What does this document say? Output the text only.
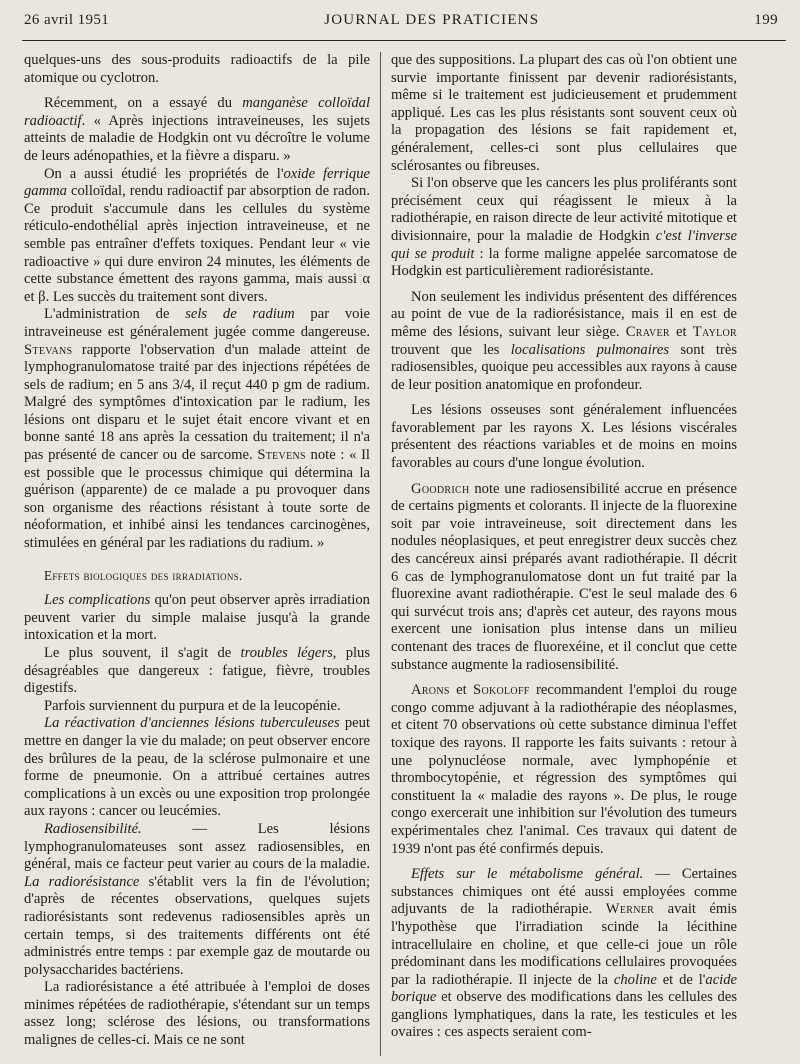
26 avril 1951	JOURNAL DES PRATICIENS	199

quelques-uns des sous-produits radioactifs de la pile atomique ou cyclotron.

Récemment, on a essayé du manganèse colloïdal radioactif. « Après injections intraveineuses, les sujets atteints de maladie de Hodgkin ont vu décroître le volume de leurs adénopathies, et la fièvre a disparu. »

On a aussi étudié les propriétés de l'oxide ferrique gamma colloïdal, rendu radioactif par absorption de radon. Ce produit s'accumule dans les cellules du système réticulo-endothélial après injection intraveineuse, et ne semble pas entraîner d'effets toxiques. Pendant leur « vie radioactive » qui dure environ 24 minutes, les éléments de cette substance émettent des rayons gamma, mais aussi α et β. Les succès du traitement sont divers.

L'administration de sels de radium par voie intraveineuse est généralement jugée comme dangereuse. Stevans rapporte l'observation d'un malade atteint de lymphogranulomatose traité par des injections répétées de sels de radium; en 5 ans 3/4, il reçut 440 p gm de radium. Malgré des symptômes d'intoxication par le radium, les lésions ont disparu et le sujet était encore vivant et en bonne santé 18 ans après la cessation du traitement; il n'a pas présenté de cancer ou de sarcome. Stevens note : « Il est possible que le processus chimique qui détermina la guérison (apparente) de ce malade a pu provoquer dans son organisme des réactions résistant à toute sorte de néoformation, et inhibé ainsi les tendances carcinogènes, stimulées en général par les radiations du radium. »

Effets biologiques des irradiations.

Les complications qu'on peut observer après irradiation peuvent varier du simple malaise jusqu'à la grande intoxication et la mort.

Le plus souvent, il s'agit de troubles légers, plus désagréables que dangereux : fatigue, fièvre, troubles digestifs.

Parfois surviennent du purpura et de la leucopénie.

La réactivation d'anciennes lésions tuberculeuses peut mettre en danger la vie du malade; on peut observer encore des brûlures de la peau, de la sclérose pulmonaire et une forme de pneumonie. On a attribué certaines autres complications à un excès ou une exposition trop prolongée aux rayons : cancer ou leucémies.

Radiosensibilité. — Les lésions lymphogranulomateuses sont assez radiosensibles, en général, mais ce facteur peut varier au cours de la maladie. La radiorésistance s'établit vers la fin de l'évolution; d'après de récentes observations, quelques sujets radiorésistants sont redevenus radiosensibles après un certain temps, si des traitements différents ont été administrés entre temps : par exemple gaz de moutarde ou polysaccharides bactériens.

La radiorésistance a été attribuée à l'emploi de doses minimes répétées de radiothérapie, s'étendant sur un temps assez long; sclérose des lésions, ou transformations malignes de celles-ci. Mais ce ne sont

que des suppositions. La plupart des cas où l'on obtient une survie importante finissent par devenir radiorésistants, même si le traitement est judicieusement et prudemment appliqué. Les cas les plus résistants sont souvent ceux où la propagation des lésions se fait rapidement et, généralement, celles-ci sont plus cellulaires que sclérosantes ou fibreuses.

Si l'on observe que les cancers les plus proliférants sont précisément ceux qui réagissent le mieux à la radiothérapie, en raison directe de leur activité mitotique et divisionnaire, pour la maladie de Hodgkin c'est l'inverse qui se produit : la forme maligne appelée sarcomatose de Hodgkin est particulièrement radiorésistante.

Non seulement les individus présentent des différences au point de vue de la radiorésistance, mais il en est de même des lésions, suivant leur siège. Craver et Taylor trouvent que les localisations pulmonaires sont très radiosensibles, quoique peu accessibles aux rayons à cause de leur position anatomique en profondeur.

Les lésions osseuses sont généralement influencées favorablement par les rayons X. Les lésions viscérales présentent des réactions variables et de moins en moins favorables au cours d'une longue évolution.

Goodrich note une radiosensibilité accrue en présence de certains pigments et colorants. Il injecte de la fluorexine soit par voie intraveineuse, soit directement dans les nodules néoplasiques, et peut enregistrer deux succès chez des cancéreux ainsi préparés avant radiothérapie. Il décrit 6 cas de lymphogranulomatose dont un fut traité par la fluorexine avant radiothérapie. C'est le seul malade des 6 qui survécut trois ans; d'après cet auteur, des rayons mous exercent une ionisation plus intense dans un milieu contenant des traces de fluorexéine, et il conclut que cette substance augmente la radiosensibilité.

Arons et Sokoloff recommandent l'emploi du rouge congo comme adjuvant à la radiothérapie des néoplasmes, et citent 70 observations où cette substance diminua l'effet toxique des rayons. Il rapporte les faits suivants : retour à une polynucléose normale, avec lymphopénie et thrombocytopénie, et régression des symptômes qui constituent la « maladie des rayons ». De plus, le rouge congo exercerait une inhibition sur l'évolution des tumeurs expérimentales chez l'animal. Ces travaux qui datent de 1939 n'ont pas été confirmés depuis.

Effets sur le métabolisme général. — Certaines substances chimiques ont été aussi employées comme adjuvants de la radiothérapie. Werner avait émis l'hypothèse que l'irradiation scinde la lécithine intracellulaire en choline, et que celle-ci joue un rôle prédominant dans les modifications cellulaires provoquées par la radiothérapie. Il injecte de la choline et de l'acide borique et observe des modifications dans les cellules des ganglions lymphatiques, dans la rate, les testicules et les ovaires : ces aspects seraient com-
